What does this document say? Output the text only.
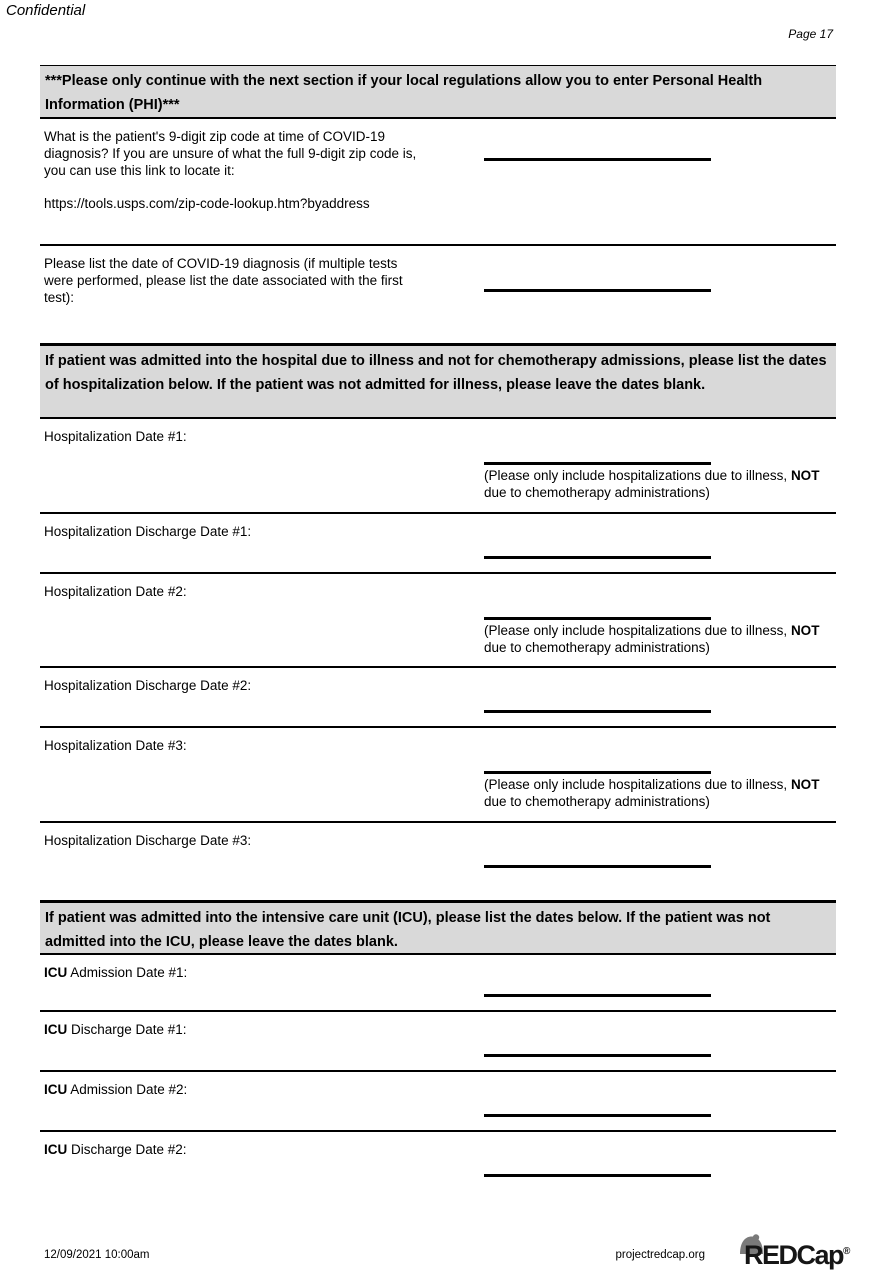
Confidential
Page 17
***Please only continue with the next section if your local regulations allow you to enter Personal Health Information (PHI)***
What is the patient's 9-digit zip code at time of COVID-19 diagnosis? If you are unsure of what the full 9-digit zip code is, you can use this link to locate it:
https://tools.usps.com/zip-code-lookup.htm?byaddress
Please list the date of COVID-19 diagnosis (if multiple tests were performed, please list the date associated with the first test):
If patient was admitted into the hospital due to illness and not for chemotherapy admissions, please list the dates of hospitalization below. If the patient was not admitted for illness, please leave the dates blank.
Hospitalization Date #1:
(Please only include hospitalizations due to illness, NOT due to chemotherapy administrations)
Hospitalization Discharge Date #1:
Hospitalization Date #2:
(Please only include hospitalizations due to illness, NOT due to chemotherapy administrations)
Hospitalization Discharge Date #2:
Hospitalization Date #3:
(Please only include hospitalizations due to illness, NOT due to chemotherapy administrations)
Hospitalization Discharge Date #3:
If patient was admitted into the intensive care unit (ICU), please list the dates below. If the patient was not admitted into the ICU, please leave the dates blank.
ICU Admission Date #1:
ICU Discharge Date #1:
ICU Admission Date #2:
ICU Discharge Date #2:
12/09/2021 10:00am	projectredcap.org REDCap®
